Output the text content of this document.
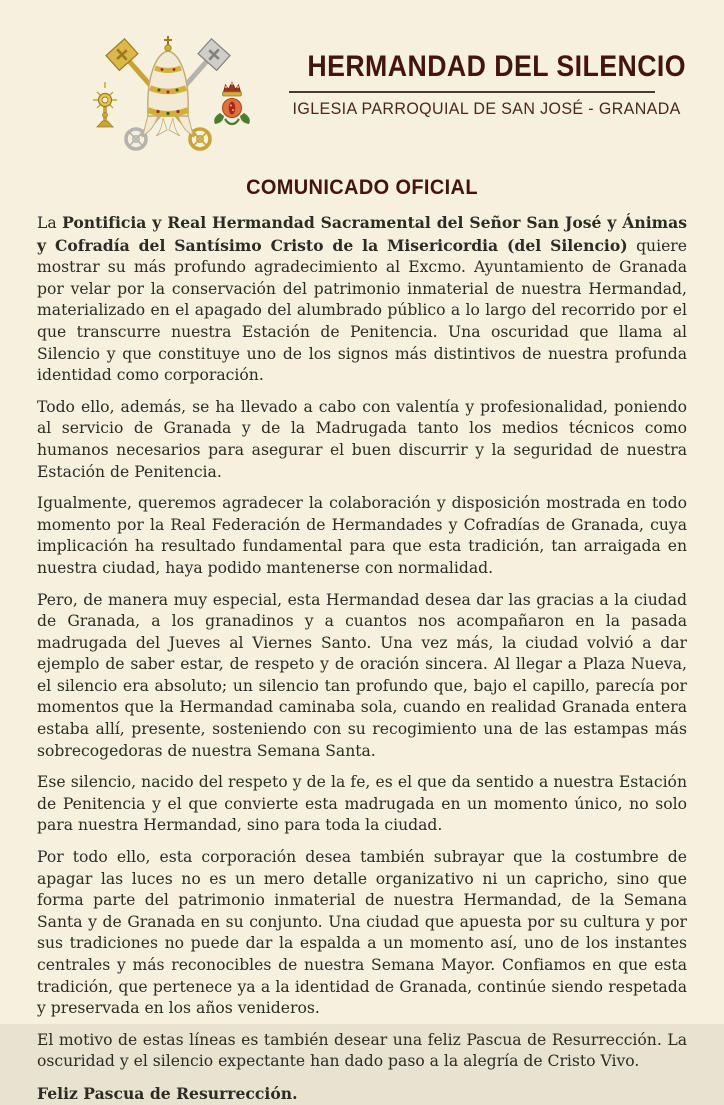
HERMANDAD DEL SILENCIO
IGLESIA PARROQUIAL DE SAN JOSÉ - GRANADA
COMUNICADO OFICIAL

La Pontificia y Real Hermandad Sacramental del Señor San José y Ánimas y Cofradía del Santísimo Cristo de la Misericordia (del Silencio) quiere mostrar su más profundo agradecimiento al Excmo. Ayuntamiento de Granada por velar por la conservación del patrimonio inmaterial de nuestra Hermandad, materializado en el apagado del alumbrado público a lo largo del recorrido por el que transcurre nuestra Estación de Penitencia. Una oscuridad que llama al Silencio y que constituye uno de los signos más distintivos de nuestra profunda identidad como corporación.

Todo ello, además, se ha llevado a cabo con valentía y profesionalidad, poniendo al servicio de Granada y de la Madrugada tanto los medios técnicos como humanos necesarios para asegurar el buen discurrir y la seguridad de nuestra Estación de Penitencia.

Igualmente, queremos agradecer la colaboración y disposición mostrada en todo momento por la Real Federación de Hermandades y Cofradías de Granada, cuya implicación ha resultado fundamental para que esta tradición, tan arraigada en nuestra ciudad, haya podido mantenerse con normalidad.

Pero, de manera muy especial, esta Hermandad desea dar las gracias a la ciudad de Granada, a los granadinos y a cuantos nos acompañaron en la pasada madrugada del Jueves al Viernes Santo. Una vez más, la ciudad volvió a dar ejemplo de saber estar, de respeto y de oración sincera. Al llegar a Plaza Nueva, el silencio era absoluto; un silencio tan profundo que, bajo el capillo, parecía por momentos que la Hermandad caminaba sola, cuando en realidad Granada entera estaba allí, presente, sosteniendo con su recogimiento una de las estampas más sobrecogedoras de nuestra Semana Santa.

Ese silencio, nacido del respeto y de la fe, es el que da sentido a nuestra Estación de Penitencia y el que convierte esta madrugada en un momento único, no solo para nuestra Hermandad, sino para toda la ciudad.

Por todo ello, esta corporación desea también subrayar que la costumbre de apagar las luces no es un mero detalle organizativo ni un capricho, sino que forma parte del patrimonio inmaterial de nuestra Hermandad, de la Semana Santa y de Granada en su conjunto. Una ciudad que apuesta por su cultura y por sus tradiciones no puede dar la espalda a un momento así, uno de los instantes centrales y más reconocibles de nuestra Semana Mayor. Confiamos en que esta tradición, que pertenece ya a la identidad de Granada, continúe siendo respetada y preservada en los años venideros.

El motivo de estas líneas es también desear una feliz Pascua de Resurrección. La oscuridad y el silencio expectante han dado paso a la alegría de Cristo Vivo.

Feliz Pascua de Resurrección.
